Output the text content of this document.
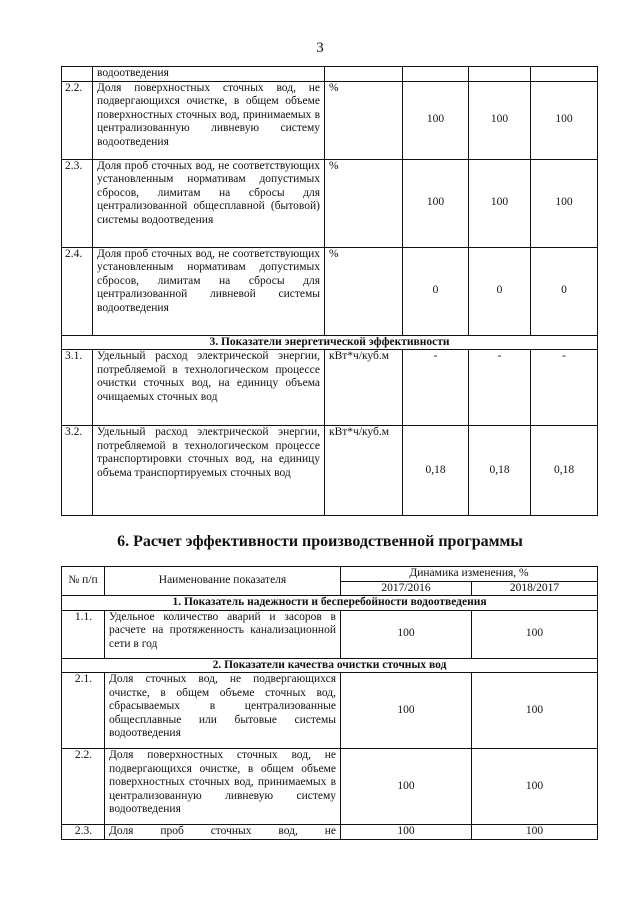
3
	водоотведения				
2.2.	Доля поверхностных сточных вод, не подвергающихся очистке, в общем объеме поверхностных сточных вод, принимаемых в централизованную ливневую систему водоотведения	%	100	100	100
2.3.	Доля проб сточных вод, не соответствующих установленным нормативам допустимых сбросов, лимитам на сбросы для централизованной общесплавной (бытовой) системы водоотведения	%	100	100	100
2.4.	Доля проб сточных вод, не соответствующих установленным нормативам допустимых сбросов, лимитам на сбросы для централизованной ливневой системы водоотведения	%	0	0	0
3. Показатели энергетической эффективности					
3.1.	Удельный расход электрической энергии, потребляемой в технологическом процессе очистки сточных вод, на единицу объема очищаемых сточных вод	кВт*ч/куб.м	-	-	-
3.2.	Удельный расход электрической энергии, потребляемой в технологическом процессе транспортировки сточных вод, на единицу объема транспортируемых сточных вод	кВт*ч/куб.м	0,18	0,18	0,18
6. Расчет эффективности производственной программы
№ п/п	Наименование показателя	Динамика изменения, %	
		2017/2016	2018/2017
1. Показатель надежности и бесперебойности водоотведения			
1.1.	Удельное количество аварий и засоров в расчете на протяженность канализационной сети в год	100	100
2. Показатели качества очистки сточных вод			
2.1.	Доля сточных вод, не подвергающихся очистке, в общем объеме сточных вод, сбрасываемых в централизованные общесплавные или бытовые системы водоотведения	100	100
2.2.	Доля поверхностных сточных вод, не подвергающихся очистке, в общем объеме поверхностных сточных вод, принимаемых в централизованную ливневую систему водоотведения	100	100
2.3.	Доля проб сточных вод, не	100	100
